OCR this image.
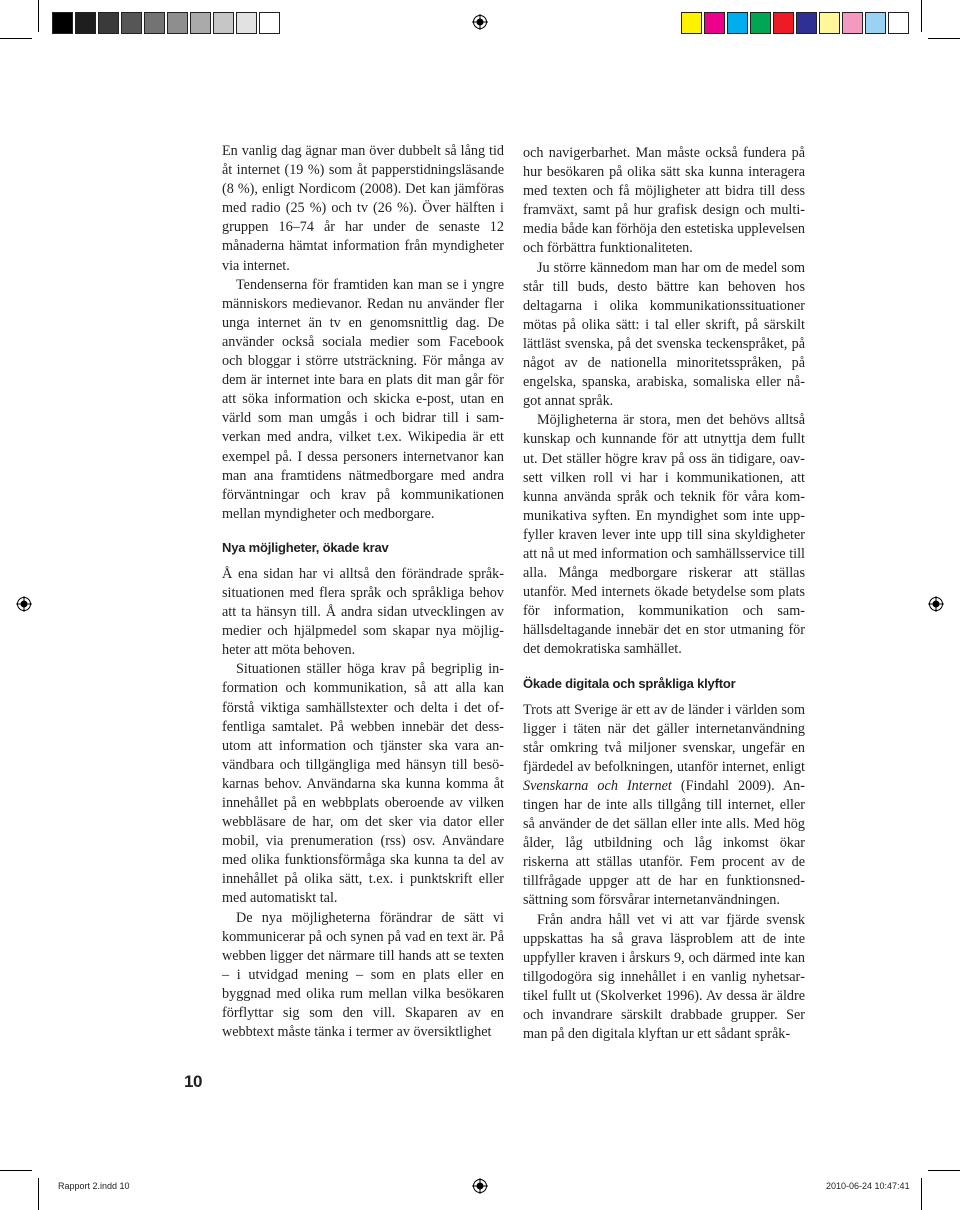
En vanlig dag ägnar man över dubbelt så lång tid åt internet (19 %) som åt papperstidningsläsande (8 %), enligt Nordicom (2008). Det kan jämföras med radio (25 %) och tv (26 %). Över hälften i gruppen 16–74 år har under de senaste 12 månaderna hämtat information från myndigheter via internet.

Tendenserna för framtiden kan man se i yngre människors medievanor. Redan nu använder fler unga internet än tv en genomsnittlig dag. De använder också sociala medier som Facebook och bloggar i större utsträckning. För många av dem är internet inte bara en plats dit man går för att söka information och skicka e-post, utan en värld som man umgås i och bidrar till i samverkan med andra, vilket t.ex. Wikipedia är ett exempel på. I dessa personers internetvanor kan man ana framtidens nätmedborgare med andra förväntningar och krav på kommunikationen mellan myndigheter och medborgare.

Nya möjligheter, ökade krav

Å ena sidan har vi alltså den förändrade språksituationen med flera språk och språkliga behov att ta hänsyn till. Å andra sidan utvecklingen av medier och hjälpmedel som skapar nya möjligheter att möta behoven.

Situationen ställer höga krav på begriplig information och kommunikation, så att alla kan förstå viktiga samhällstexter och delta i det offentliga samtalet. På webben innebär det dessutom att information och tjänster ska vara användbara och tillgängliga med hänsyn till besökarnas behov. Användarna ska kunna komma åt innehållet på en webbplats oberoende av vilken webbläsare de har, om det sker via dator eller mobil, via prenumeration (rss) osv. Användare med olika funktionsförmåga ska kunna ta del av innehållet på olika sätt, t.ex. i punktskrift eller med automatiskt tal.

De nya möjligheterna förändrar de sätt vi kommunicerar på och synen på vad en text är. På webben ligger det närmare till hands att se texten – i utvidgad mening – som en plats eller en byggnad med olika rum mellan vilka besökaren förflyttar sig som den vill. Skaparen av en webbtext måste tänka i termer av översiktlighet

och navigerbarhet. Man måste också fundera på hur besökaren på olika sätt ska kunna interagera med texten och få möjligheter att bidra till dess framväxt, samt på hur grafisk design och multimedia både kan förhöja den estetiska upplevelsen och förbättra funktionaliteten.

Ju större kännedom man har om de medel som står till buds, desto bättre kan behoven hos deltagarna i olika kommunikationssituationer mötas på olika sätt: i tal eller skrift, på särskilt lättläst svenska, på det svenska teckenspråket, på något av de nationella minoritetsspråken, på engelska, spanska, arabiska, somaliska eller något annat språk.

Möjligheterna är stora, men det behövs alltså kunskap och kunnande för att utnyttja dem fullt ut. Det ställer högre krav på oss än tidigare, oavsett vilken roll vi har i kommunikationen, att kunna använda språk och teknik för våra kommunikativa syften. En myndighet som inte uppfyller kraven lever inte upp till sina skyldigheter att nå ut med information och samhällsservice till alla. Många medborgare riskerar att ställas utanför. Med internets ökade betydelse som plats för information, kommunikation och samhällsdeltagande innebär det en stor utmaning för det demokratiska samhället.

Ökade digitala och språkliga klyftor

Trots att Sverige är ett av de länder i världen som ligger i täten när det gäller internetanvändning står omkring två miljoner svenskar, ungefär en fjärdedel av befolkningen, utanför internet, enligt Svenskarna och Internet (Findahl 2009). Antingen har de inte alls tillgång till internet, eller så använder de det sällan eller inte alls. Med hög ålder, låg utbildning och låg inkomst ökar riskerna att ställas utanför. Fem procent av de tillfrågade uppger att de har en funktionsnedsättning som försvårar internetanvändningen.

Från andra håll vet vi att var fjärde svensk uppskattas ha så grava läsproblem att de inte uppfyller kraven i årskurs 9, och därmed inte kan tillgodogöra sig innehållet i en vanlig nyhetsartikel fullt ut (Skolverket 1996). Av dessa är äldre och invandrare särskilt drabbade grupper. Ser man på den digitala klyftan ur ett sådant språk-

10
Rapport 2.indd 10	2010-06-24 10:47:41
